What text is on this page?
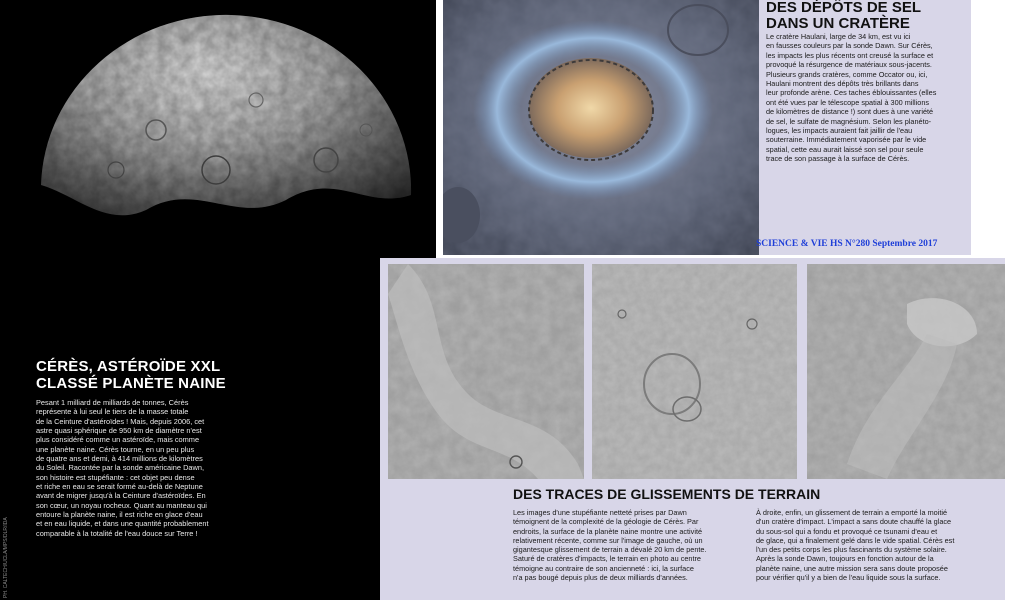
CÉRÈS, ASTÉROÏDE XXL
CLASSÉ PLANÈTE NAINE
Pesant 1 milliard de milliards de tonnes, Cérès
représente à lui seul le tiers de la masse totale
de la Ceinture d'astéroïdes ! Mais, depuis 2006, cet
astre quasi sphérique de 950 km de diamètre n'est
plus considéré comme un astéroïde, mais comme
une planète naine. Cérès tourne, en un peu plus
de quatre ans et demi, à 414 millions de kilomètres
du Soleil. Racontée par la sonde américaine Dawn,
son histoire est stupéfiante : cet objet peu dense
et riche en eau se serait formé au-delà de Neptune
avant de migrer jusqu'à la Ceinture d'astéroïdes. En
son cœur, un noyau rocheux. Quant au manteau qui
entoure la planète naine, il est riche en glace d'eau
et en eau liquide, et dans une quantité probablement
comparable à la totalité de l'eau douce sur Terre !
PH. CALTECH/UCLA/MPS/DLR/IDA
DES DÉPÔTS DE SEL
DANS UN CRATÈRE
Le cratère Haulani, large de 34 km, est vu ici
en fausses couleurs par la sonde Dawn. Sur Cérès,
les impacts les plus récents ont creusé la surface et
provoqué la résurgence de matériaux sous-jacents.
Plusieurs grands cratères, comme Occator ou, ici,
Haulani montrent des dépôts très brillants dans
leur profonde arène. Ces taches éblouissantes (elles
ont été vues par le télescope spatial à 300 millions
de kilomètres de distance !) sont dues à une variété
de sel, le sulfate de magnésium. Selon les planéto-
logues, les impacts auraient fait jaillir de l'eau
souterraine. Immédiatement vaporisée par le vide
spatial, cette eau aurait laissé son sel pour seule
trace de son passage à la surface de Cérès.
SCIENCE & VIE HS N°280 Septembre 2017
DES TRACES DE GLISSEMENTS DE TERRAIN
Les images d'une stupéfiante netteté prises par Dawn
témoignent de la complexité de la géologie de Cérès. Par
endroits, la surface de la planète naine montre une activité
relativement récente, comme sur l'image de gauche, où un
gigantesque glissement de terrain a dévalé 20 km de pente.
Saturé de cratères d'impacts, le terrain en photo au centre
témoigne au contraire de son ancienneté : ici, la surface
n'a pas bougé depuis plus de deux milliards d'années.
À droite, enfin, un glissement de terrain a emporté la moitié
d'un cratère d'impact. L'impact a sans doute chauffé la glace
du sous-sol qui a fondu et provoqué ce tsunami d'eau et
de glace, qui a finalement gelé dans le vide spatial. Cérès est
l'un des petits corps les plus fascinants du système solaire.
Après la sonde Dawn, toujours en fonction autour de la
planète naine, une autre mission sera sans doute proposée
pour vérifier qu'il y a bien de l'eau liquide sous la surface.
